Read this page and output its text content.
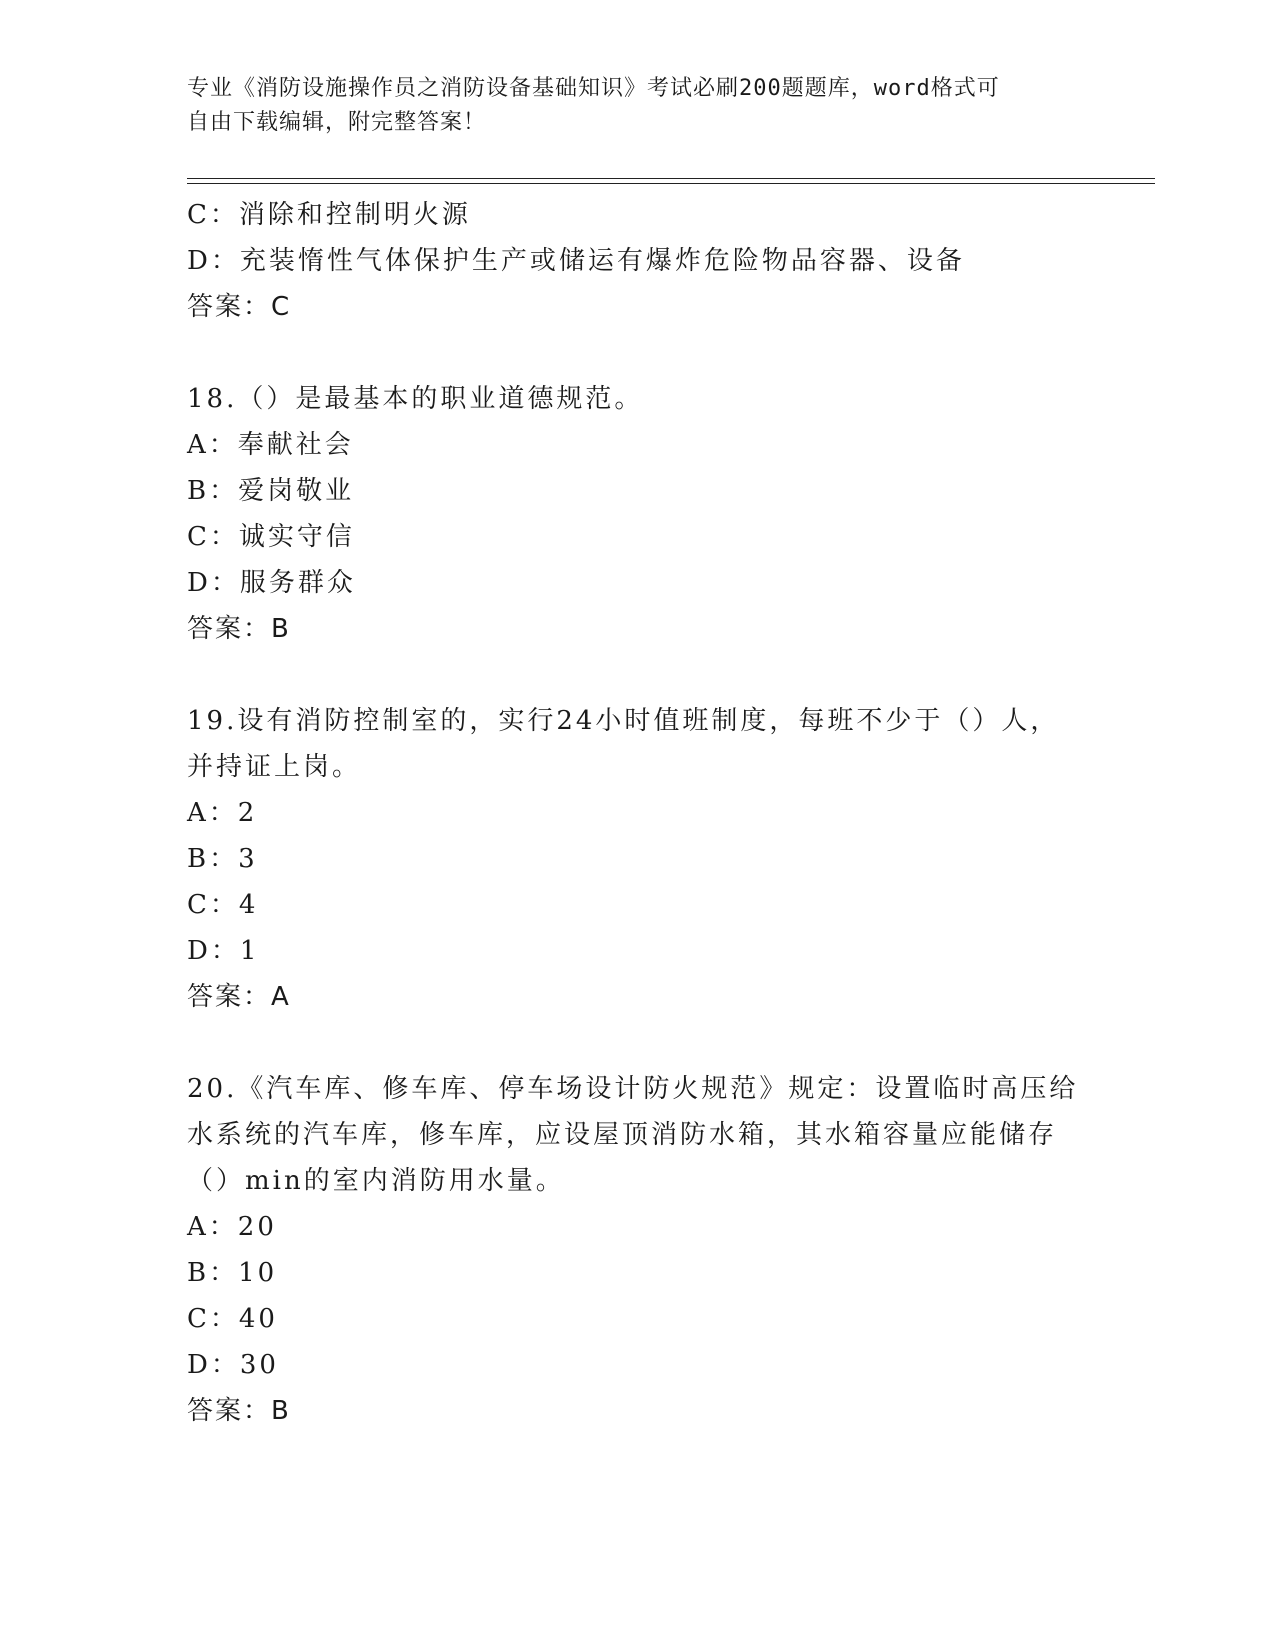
专业《消防设施操作员之消防设备基础知识》考试必刷200题题库，word格式可
自由下载编辑，附完整答案！
C：消除和控制明火源
D：充装惰性气体保护生产或储运有爆炸危险物品容器、设备
答案：C
18.（）是最基本的职业道德规范。
A：奉献社会
B：爱岗敬业
C：诚实守信
D：服务群众
答案：B
19.设有消防控制室的，实行24小时值班制度，每班不少于（）人，
并持证上岗。
A：2
B：3
C：4
D：1
答案：A
20.《汽车库、修车库、停车场设计防火规范》规定：设置临时高压给
水系统的汽车库，修车库，应设屋顶消防水箱，其水箱容量应能储存
（）min的室内消防用水量。
A：20
B：10
C：40
D：30
答案：B
